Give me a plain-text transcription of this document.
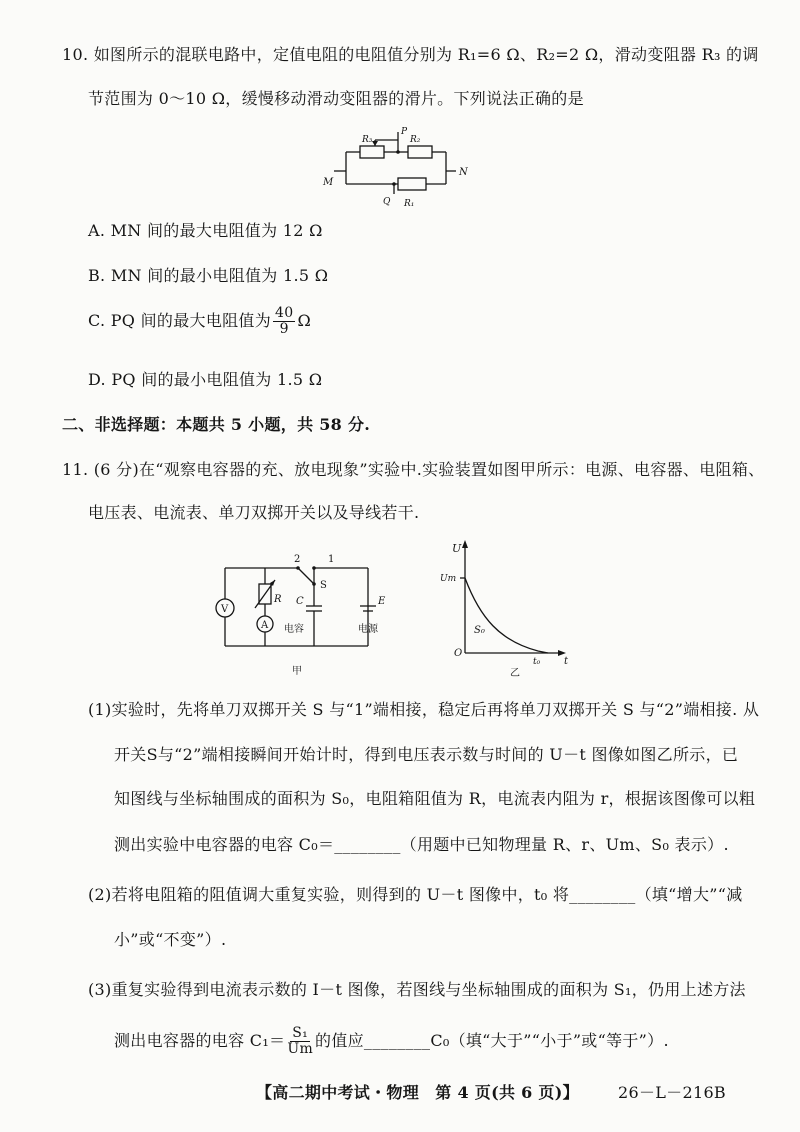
10. 如图所示的混联电路中，定值电阻的电阻值分别为 R₁=6 Ω、R₂=2 Ω，滑动变阻器 R₃ 的调
节范围为 0～10 Ω，缓慢移动滑动变阻器的滑片。下列说法正确的是
R₃	R₂
R₁
P
Q
M
N
A. MN 间的最大电阻值为 12 Ω
B. MN 间的最小电阻值为 1.5 Ω
C. PQ 间的最大电阻值为 $\frac{40}{9}$ Ω
D. PQ 间的最小电阻值为 1.5 Ω
二、非选择题：本题共 5 小题，共 58 分.
11. (6 分)在“观察电容器的充、放电现象”实验中.实验装置如图甲所示：电源、电容器、电阻箱、
电压表、电流表、单刀双掷开关以及导线若干.
V
A
R C
电容
E
电源
S
1
2
甲
U
Um
S₀
O
t₀ t
乙
(1)实验时，先将单刀双掷开关 S 与“1”端相接，稳定后再将单刀双掷开关 S 与“2”端相接. 从
开关S与“2”端相接瞬间开始计时，得到电压表示数与时间的 U－t 图像如图乙所示，已
知图线与坐标轴围成的面积为 S₀，电阻箱阻值为 R，电流表内阻为 r，根据该图像可以粗
测出实验中电容器的电容 C₀＝________（用题中已知物理量 R、r、Um、S₀ 表示）.
(2)若将电阻箱的阻值调大重复实验，则得到的 U－t 图像中，t₀ 将________（填“增大”“减
小”或“不变”）.
(3)重复实验得到电流表示数的 I－t 图像，若图线与坐标轴围成的面积为 S₁，仍用上述方法
测出电容器的电容 $C_1= \frac{\text{S₁}}{Um}$ 的值应________C₀（填“大于”“小于”或“等于”）.
【高二期中考试・物理　第 4 页(共 6 页)】 26－L－216B
